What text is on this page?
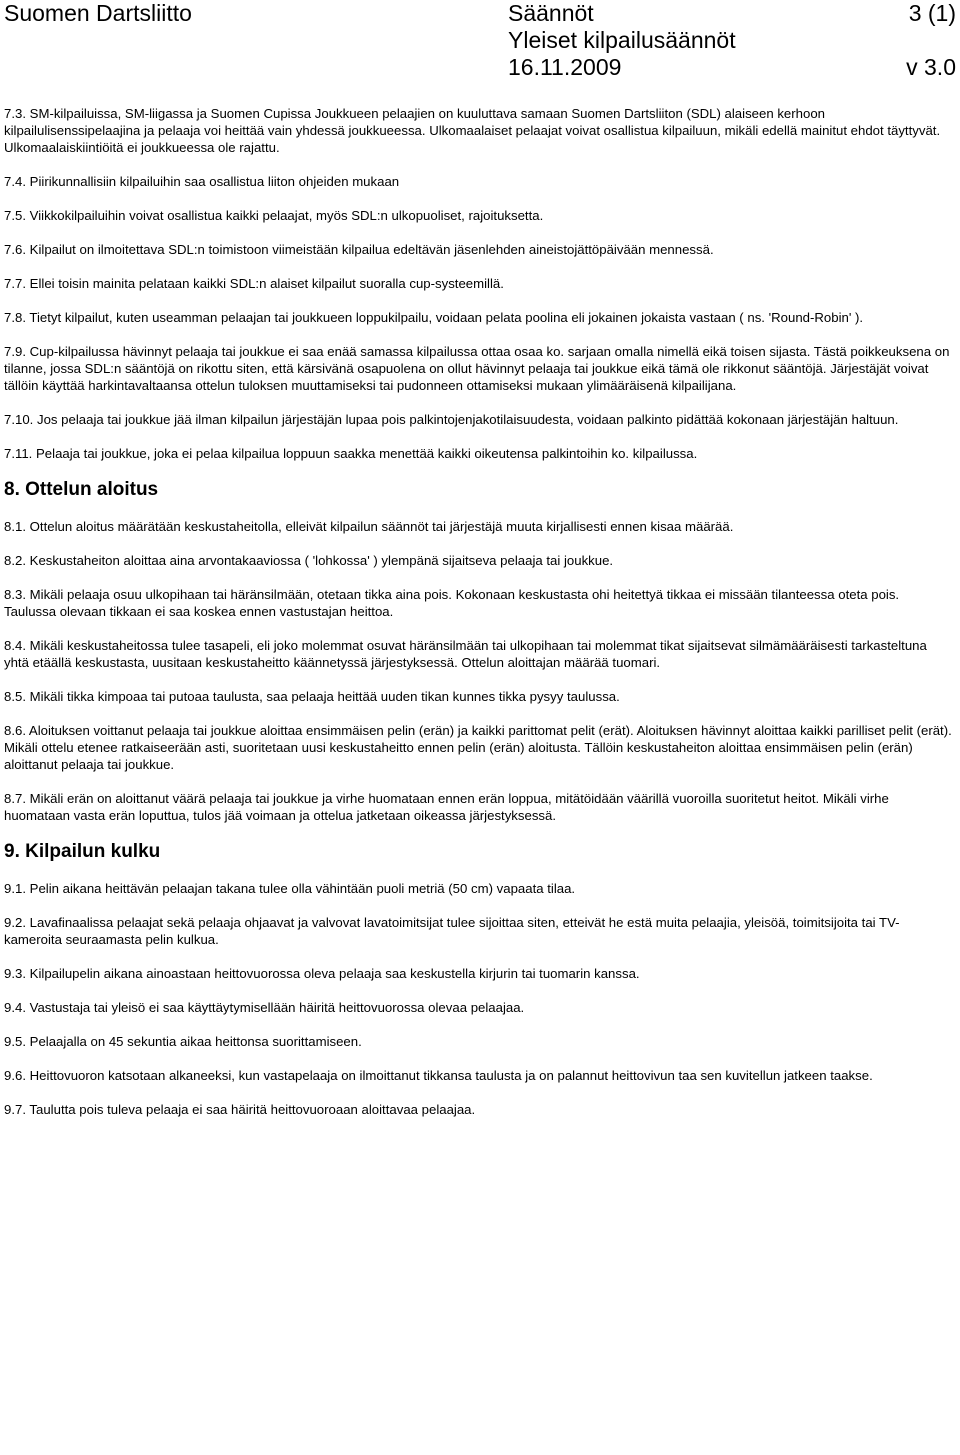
Suomen Dartsliitto	Säännöt	3 (1)
Yleiset kilpailusäännöt
16.11.2009	v 3.0

7.3. SM-kilpailuissa, SM-liigassa ja Suomen Cupissa Joukkueen pelaajien on kuuluttava samaan Suomen Dartsliiton (SDL) alaiseen kerhoon kilpailulisenssipelaajina ja pelaaja voi heittää vain yhdessä joukkueessa. Ulkomaalaiset pelaajat voivat osallistua kilpailuun, mikäli edellä mainitut ehdot täyttyvät. Ulkomaalaiskiintiöitä ei joukkueessa ole rajattu.

7.4. Piirikunnallisiin kilpailuihin saa osallistua liiton ohjeiden mukaan

7.5. Viikkokilpailuihin voivat osallistua kaikki pelaajat, myös SDL:n ulkopuoliset, rajoituksetta.

7.6. Kilpailut on ilmoitettava SDL:n toimistoon viimeistään kilpailua edeltävän jäsenlehden aineistojättöpäivään mennessä.

7.7. Ellei toisin mainita pelataan kaikki SDL:n alaiset kilpailut suoralla cup-systeemillä.

7.8. Tietyt kilpailut, kuten useamman pelaajan tai joukkueen loppukilpailu, voidaan pelata poolina eli jokainen jokaista vastaan ( ns. 'Round-Robin' ).

7.9. Cup-kilpailussa hävinnyt pelaaja tai joukkue ei saa enää samassa kilpailussa ottaa osaa ko. sarjaan omalla nimellä eikä toisen sijasta. Tästä poikkeuksena on tilanne, jossa SDL:n sääntöjä on rikottu siten, että kärsivänä osapuolena on ollut hävinnyt pelaaja tai joukkue eikä tämä ole rikkonut sääntöjä. Järjestäjät voivat tällöin käyttää harkintavaltaansa ottelun tuloksen muuttamiseksi tai pudonneen ottamiseksi mukaan ylimääräisenä kilpailijana.

7.10. Jos pelaaja tai joukkue jää ilman kilpailun järjestäjän lupaa pois palkintojenjakotilaisuudesta, voidaan palkinto pidättää kokonaan järjestäjän haltuun.

7.11. Pelaaja tai joukkue, joka ei pelaa kilpailua loppuun saakka menettää kaikki oikeutensa palkintoihin ko. kilpailussa.

8. Ottelun aloitus

8.1. Ottelun aloitus määrätään keskustaheitolla, elleivät kilpailun säännöt tai järjestäjä muuta kirjallisesti ennen kisaa määrää.

8.2. Keskustaheiton aloittaa aina arvontakaaviossa ( 'lohkossa' ) ylempänä sijaitseva pelaaja tai joukkue.

8.3. Mikäli pelaaja osuu ulkopihaan tai häränsilmään, otetaan tikka aina pois. Kokonaan keskustasta ohi heitettyä tikkaa ei missään tilanteessa oteta pois. Taulussa olevaan tikkaan ei saa koskea ennen vastustajan heittoa.

8.4. Mikäli keskustaheitossa tulee tasapeli, eli joko molemmat osuvat häränsilmään tai ulkopihaan tai molemmat tikat sijaitsevat silmämääräisesti tarkasteltuna yhtä etäällä keskustasta, uusitaan keskustaheitto käännetyssä järjestyksessä. Ottelun aloittajan määrää tuomari.

8.5. Mikäli tikka kimpoaa tai putoaa taulusta, saa pelaaja heittää uuden tikan kunnes tikka pysyy taulussa.

8.6. Aloituksen voittanut pelaaja tai joukkue aloittaa ensimmäisen pelin (erän) ja kaikki parittomat pelit (erät). Aloituksen hävinnyt aloittaa kaikki parilliset pelit (erät). Mikäli ottelu etenee ratkaiseerään asti, suoritetaan uusi keskustaheitto ennen pelin (erän) aloitusta. Tällöin keskustaheiton aloittaa ensimmäisen pelin (erän) aloittanut pelaaja tai joukkue.

8.7. Mikäli erän on aloittanut väärä pelaaja tai joukkue ja virhe huomataan ennen erän loppua, mitätöidään väärillä vuoroilla suoritetut heitot. Mikäli virhe huomataan vasta erän loputtua, tulos jää voimaan ja ottelua jatketaan oikeassa järjestyksessä.

9. Kilpailun kulku

9.1. Pelin aikana heittävän pelaajan takana tulee olla vähintään puoli metriä (50 cm) vapaata tilaa.

9.2. Lavafinaalissa pelaajat sekä pelaaja ohjaavat ja valvovat lavatoimitsijat tulee sijoittaa siten, etteivät he estä muita pelaajia, yleisöä, toimitsijoita tai TV-kameroita seuraamasta pelin kulkua.

9.3. Kilpailupelin aikana ainoastaan heittovuorossa oleva pelaaja saa keskustella kirjurin tai tuomarin kanssa.

9.4. Vastustaja tai yleisö ei saa käyttäytymisellään häiritä heittovuorossa olevaa pelaajaa.

9.5. Pelaajalla on 45 sekuntia aikaa heittonsa suorittamiseen.

9.6. Heittovuoron katsotaan alkaneeksi, kun vastapelaaja on ilmoittanut tikkansa taulusta ja on palannut heittovivun taa sen kuvitellun jatkeen taakse.

9.7. Taulutta pois tuleva pelaaja ei saa häiritä heittovuoroaan aloittavaa pelaajaa.
